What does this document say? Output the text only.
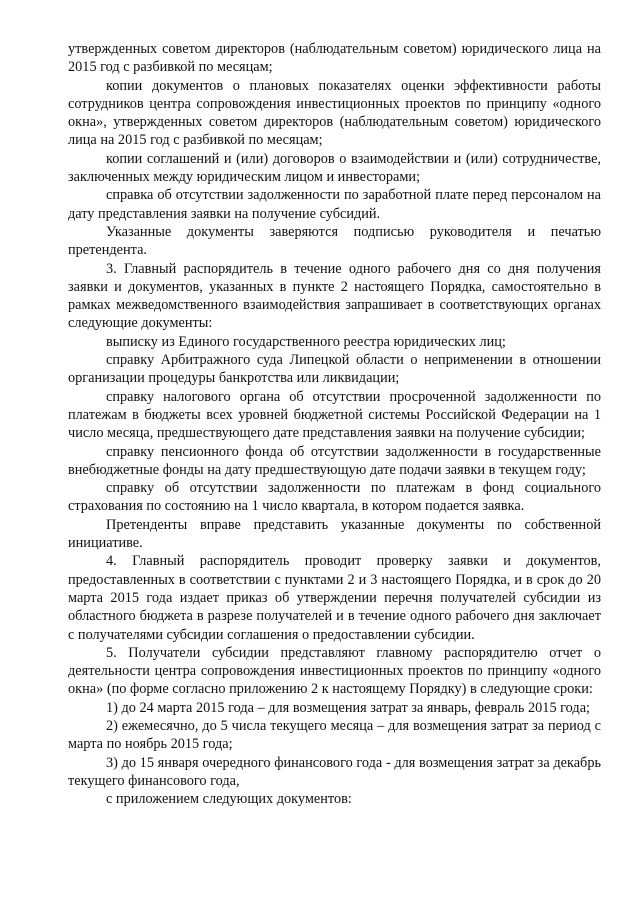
утвержденных советом директоров (наблюдательным советом) юридического лица на 2015 год с разбивкой по месяцам;

копии документов о плановых показателях оценки эффективности работы сотрудников центра сопровождения инвестиционных проектов по принципу «одного окна», утвержденных советом директоров (наблюдательным советом) юридического лица на 2015 год с разбивкой по месяцам;

копии соглашений и (или) договоров о взаимодействии и (или) сотрудничестве, заключенных между юридическим лицом и инвесторами;

справка об отсутствии задолженности по заработной плате перед персоналом на дату представления заявки на получение субсидий.

Указанные документы заверяются подписью руководителя и печатью претендента.

3. Главный распорядитель в течение одного рабочего дня со дня получения заявки и документов, указанных в пункте 2 настоящего Порядка, самостоятельно в рамках межведомственного взаимодействия запрашивает в соответствующих органах следующие документы:

выписку из Единого государственного реестра юридических лиц;

справку Арбитражного суда Липецкой области о неприменении в отношении организации процедуры банкротства или ликвидации;

справку налогового органа об отсутствии просроченной задолженности по платежам в бюджеты всех уровней бюджетной системы Российской Федерации на 1 число месяца, предшествующего дате представления заявки на получение субсидии;

справку пенсионного фонда об отсутствии задолженности в государственные внебюджетные фонды на дату предшествующую дате подачи заявки в текущем году;

справку об отсутствии задолженности по платежам в фонд социального страхования по состоянию на 1 число квартала, в котором подается заявка.

Претенденты вправе представить указанные документы по собственной инициативе.

4. Главный распорядитель проводит проверку заявки и документов, предоставленных в соответствии с пунктами 2 и 3 настоящего Порядка, и в срок до 20 марта 2015 года издает приказ об утверждении перечня получателей субсидии из областного бюджета в разрезе получателей и в течение одного рабочего дня заключает с получателями субсидии соглашения о предоставлении субсидии.

5. Получатели субсидии представляют главному распорядителю отчет о деятельности центра сопровождения инвестиционных проектов по принципу «одного окна» (по форме согласно приложению 2 к настоящему Порядку) в следующие сроки:

1) до 24 марта 2015 года – для возмещения затрат за январь, февраль 2015 года;

2) ежемесячно, до 5 числа текущего месяца – для возмещения затрат за период с марта по ноябрь 2015 года;

3) до 15 января очередного финансового года - для возмещения затрат за декабрь текущего финансового года,

с приложением следующих документов:
